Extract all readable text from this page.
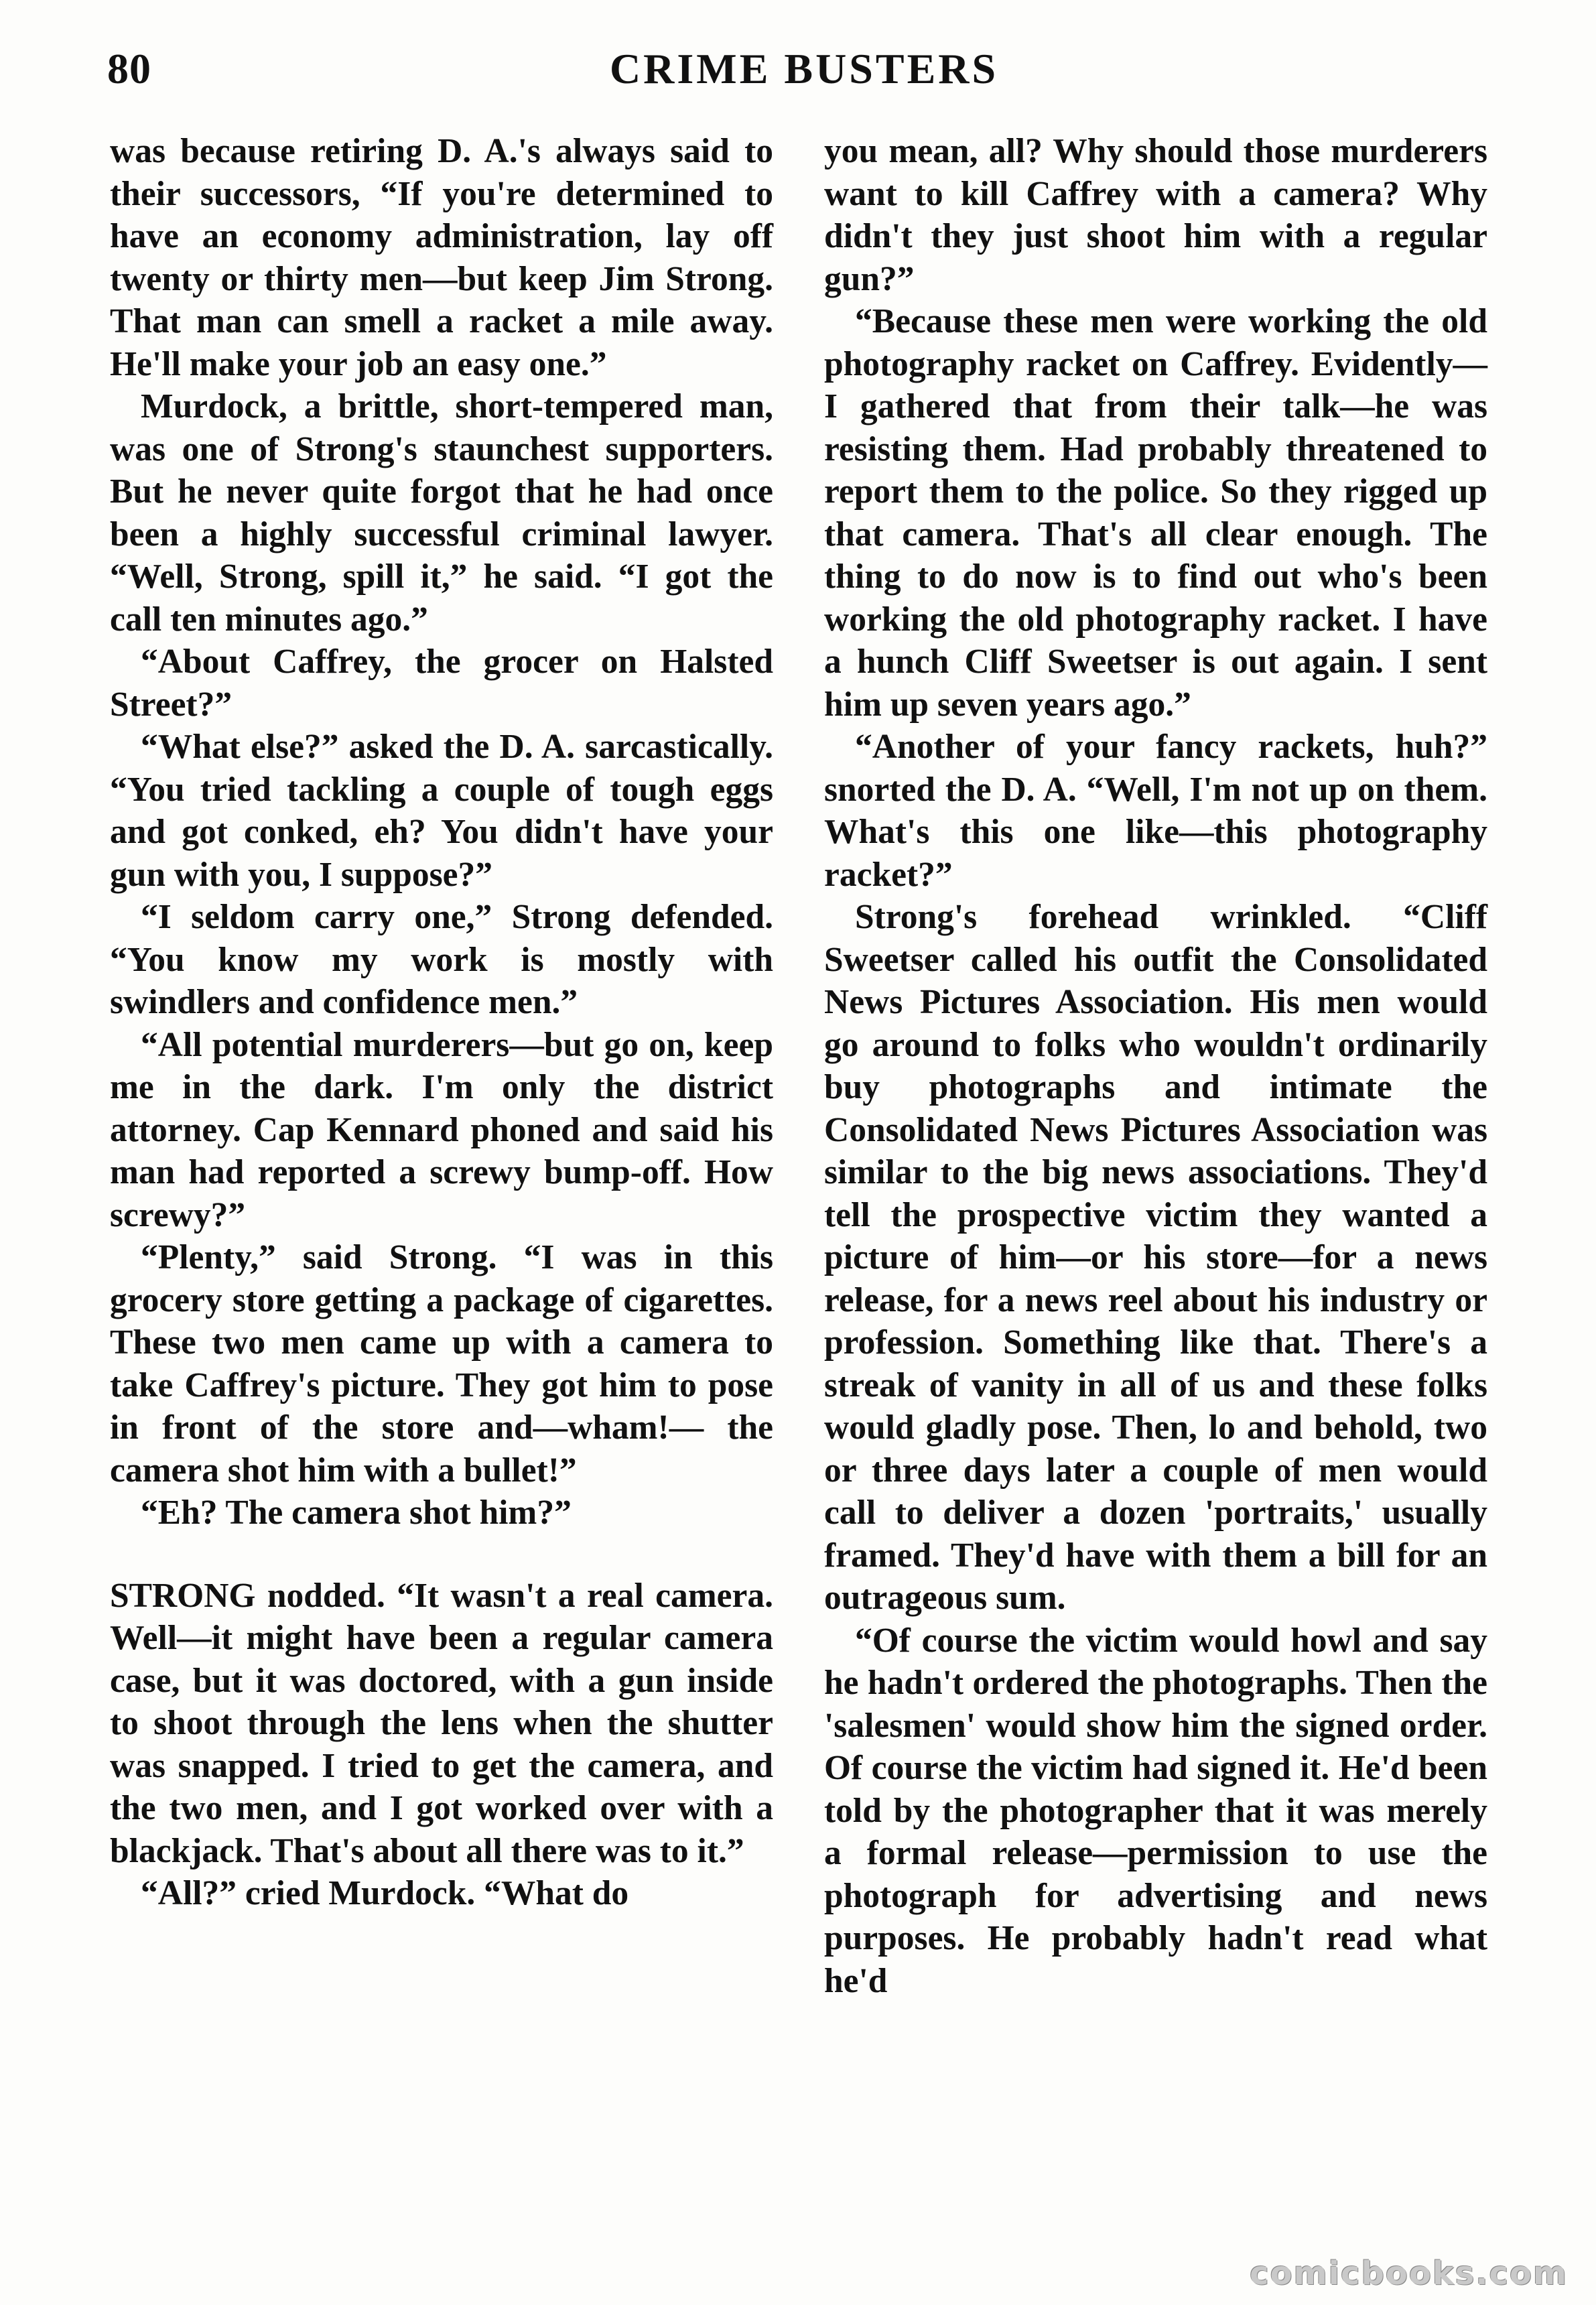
80	CRIME BUSTERS

was because retiring D. A.'s always said to their successors, “If you're determined to have an economy administration, lay off twenty or thirty men—but keep Jim Strong. That man can smell a racket a mile away. He'll make your job an easy one.”

Murdock, a brittle, short-tempered man, was one of Strong's staunchest supporters. But he never quite forgot that he had once been a highly successful criminal lawyer. “Well, Strong, spill it,” he said. “I got the call ten minutes ago.”

“About Caffrey, the grocer on Halsted Street?”

“What else?” asked the D. A. sarcastically. “You tried tackling a couple of tough eggs and got conked, eh? You didn't have your gun with you, I suppose?”

“I seldom carry one,” Strong defended. “You know my work is mostly with swindlers and confidence men.”

“All potential murderers—but go on, keep me in the dark. I'm only the district attorney. Cap Kennard phoned and said his man had reported a screwy bump-off. How screwy?”

“Plenty,” said Strong. “I was in this grocery store getting a package of cigarettes. These two men came up with a camera to take Caffrey's picture. They got him to pose in front of the store and—wham!— the camera shot him with a bullet!”

“Eh? The camera shot him?”

STRONG nodded. “It wasn't a real camera. Well—it might have been a regular camera case, but it was doctored, with a gun inside to shoot through the lens when the shutter was snapped. I tried to get the camera, and the two men, and I got worked over with a blackjack. That's about all there was to it.”

“All?” cried Murdock. “What do

you mean, all? Why should those murderers want to kill Caffrey with a camera? Why didn't they just shoot him with a regular gun?”

“Because these men were working the old photography racket on Caffrey. Evidently—I gathered that from their talk—he was resisting them. Had probably threatened to report them to the police. So they rigged up that camera. That's all clear enough. The thing to do now is to find out who's been working the old photography racket. I have a hunch Cliff Sweetser is out again. I sent him up seven years ago.”

“Another of your fancy rackets, huh?” snorted the D. A. “Well, I'm not up on them. What's this one like—this photography racket?”

Strong's forehead wrinkled. “Cliff Sweetser called his outfit the Consolidated News Pictures Association. His men would go around to folks who wouldn't ordinarily buy photographs and intimate the Consolidated News Pictures Association was similar to the big news associations. They'd tell the prospective victim they wanted a picture of him—or his store—for a news release, for a news reel about his industry or profession. Something like that. There's a streak of vanity in all of us and these folks would gladly pose. Then, lo and behold, two or three days later a couple of men would call to deliver a dozen 'portraits,' usually framed. They'd have with them a bill for an outrageous sum.

“Of course the victim would howl and say he hadn't ordered the photographs. Then the 'salesmen' would show him the signed order. Of course the victim had signed it. He'd been told by the photographer that it was merely a formal release—permission to use the photograph for advertising and news purposes. He probably hadn't read what he'd

comicbooks.com
